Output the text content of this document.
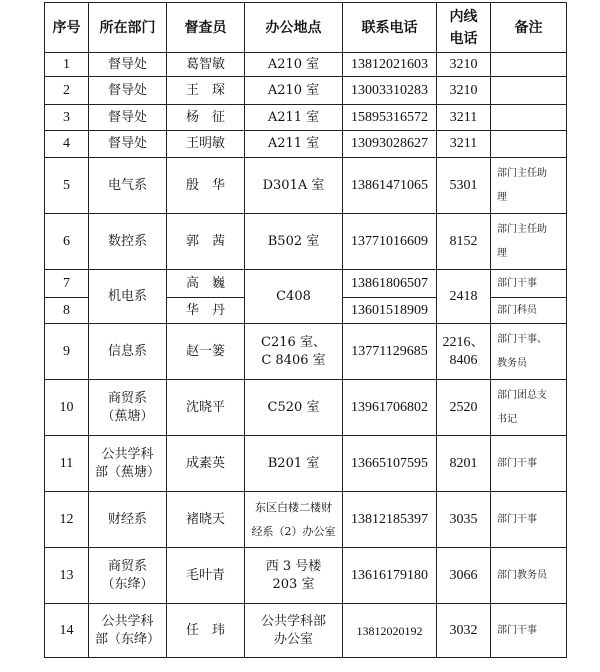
序号	所在部门	督查员	办公地点	联系电话	内线
电话	备注
1	督导处	葛智敏	A210 室	13812021603	3210	
2	督导处	王　琛	A210 室	13003310283	3210	
3	督导处	杨　征	A211 室	15895316572	3211	
4	督导处	王明敏	A211 室	13093028627	3211	
5	电气系	殷　华	D301A 室	13861471065	5301	部门主任助
理
6	数控系	郭　茜	B502 室	13771016609	8152	部门主任助
理
7	机电系	高　巍	C408	13861806507	2418	部门干事
8		华　丹		13601518909		部门科员
9	信息系	赵一篓	C216 室、
C 8406 室	13771129685	2216、
8406	部门干事、
教务员
10	商贸系
（蕉塘）	沈晓平	C520 室	13961706802	2520	部门团总支
书记
11	公共学科
部（蕉塘）	成素英	B201 室	13665107595	8201	部门干事
12	财经系	褚晓天	东区白楼二楼财
经系（2）办公室	13812185397	3035	部门干事
13	商贸系
（东绛）	毛叶青	西 3 号楼
203 室	13616179180	3066	部门教务员
14	公共学科
部（东绛）	任　玮	公共学科部
办公室	13812020192	3032	部门干事
